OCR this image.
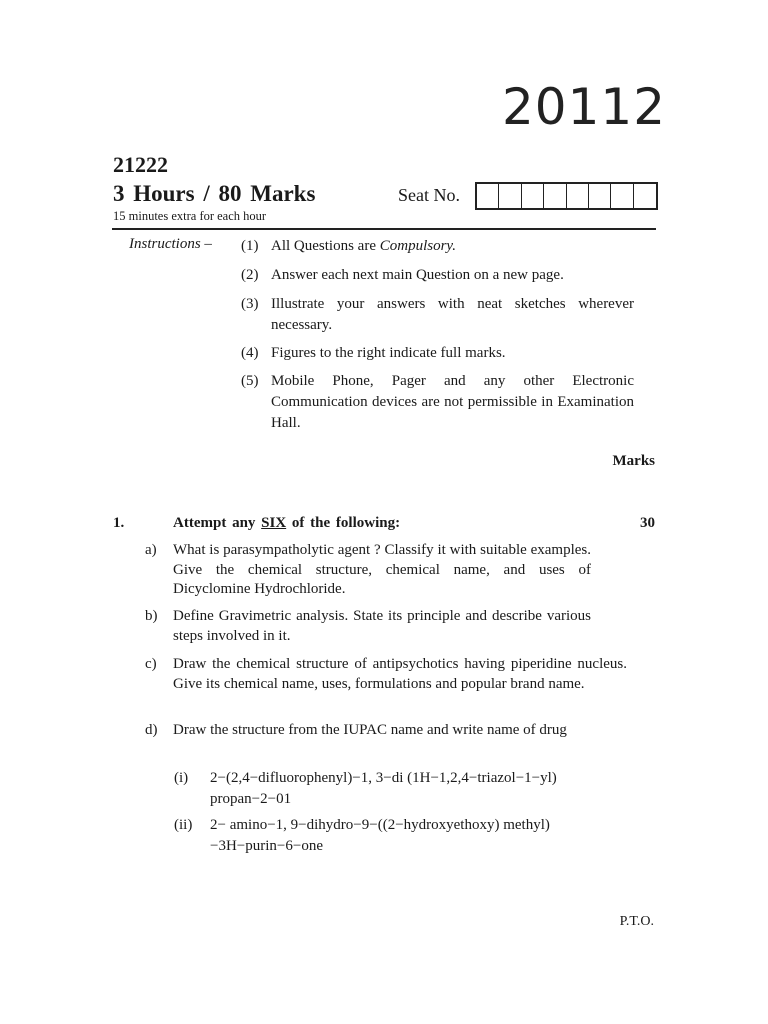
20112
21222
3 Hours / 80 Marks
15 minutes extra for each hour
Seat No.
Instructions – (1) All Questions are Compulsory.
(2) Answer each next main Question on a new page.
(3) Illustrate your answers with neat sketches wherever necessary.
(4) Figures to the right indicate full marks.
(5) Mobile Phone, Pager and any other Electronic Communication devices are not permissible in Examination Hall.
Marks
1.	Attempt any SIX of the following:	30
a)	What is parasympatholytic agent ? Classify it with suitable examples. Give the chemical structure, chemical name, and uses of Dicyclomine Hydrochloride.
b)	Define Gravimetric analysis. State its principle and describe various steps involved in it.
c)	Draw the chemical structure of antipsychotics having piperidine nucleus. Give its chemical name, uses, formulations and popular brand name.
d)	Draw the structure from the IUPAC name and write name of drug
(i)	2−(2,4−difluorophenyl)−1, 3−di (1H−1,2,4−triazol−1−yl)
propan−2−01
(ii)	2− amino−1, 9−dihydro−9−((2−hydroxyethoxy) methyl)
−3H−purin−6−one
P.T.O.
